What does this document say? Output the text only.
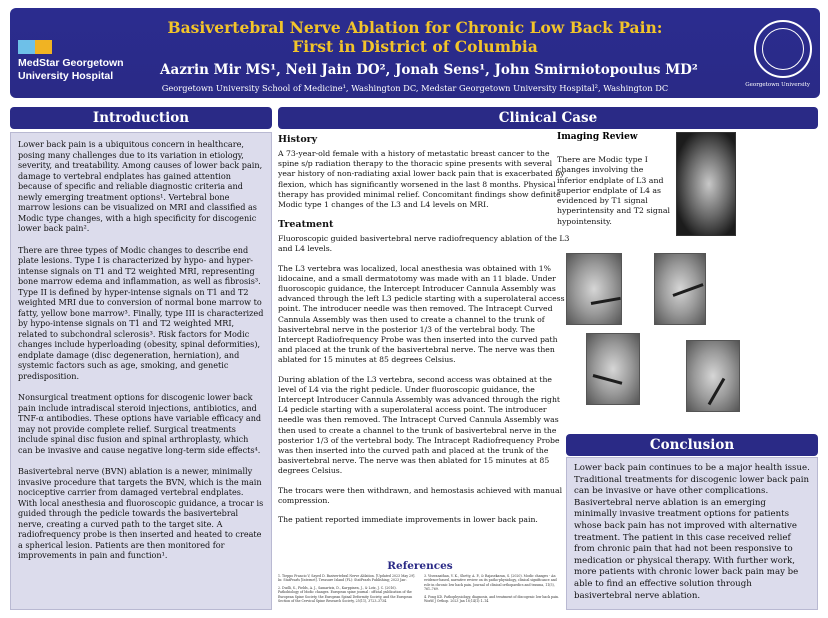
MedStar Georgetown
University Hospital
Basivertebral Nerve Ablation for Chronic Low Back Pain:
First in District of Columbia
Aazrin Mir MS¹, Neil Jain DO², Jonah Sens¹, John Smirniotopoulus MD²
Georgetown University School of Medicine¹, Washington DC, Medstar Georgetown University Hospital², Washington DC	Georgetown University
Introduction

Lower back pain is a ubiquitous concern in healthcare, posing many challenges due to its variation in etiology, severity, and treatability. Among causes of lower back pain, damage to vertebral endplates has gained attention because of specific and reliable diagnostic criteria and newly emerging treatment options¹. Vertebral bone marrow lesions can be visualized on MRI and classified as Modic type changes, with a high specificity for discogenic lower back pain².

There are three types of Modic changes to describe end plate lesions. Type I is characterized by hypo- and hyper-intense signals on T1 and T2 weighted MRI, representing bone marrow edema and inflammation, as well as fibrosis³. Type II is defined by hyper-intense signals on T1 and T2 weighted MRI due to conversion of normal bone marrow to fatty, yellow bone marrow³. Finally, type III is characterized by hypo-intense signals on T1 and T2 weighted MRI, related to subchondral sclerosis³. Risk factors for Modic changes include hyperloading (obesity, spinal deformities), endplate damage (disc degeneration, herniation), and systemic factors such as age, smoking, and genetic predisposition.

Nonsurgical treatment options for discogenic lower back pain include intradiscal steroid injections, antibiotics, and TNF-α antibodies. These options have variable efficacy and may not provide complete relief. Surgical treatments include spinal disc fusion and spinal arthroplasty, which can be invasive and cause negative long-term side effects⁴.

Basivertebral nerve (BVN) ablation is a newer, minimally invasive procedure that targets the BVN, which is the main nociceptive carrier from damaged vertebral endplates. With local anesthesia and fluoroscopic guidance, a trocar is guided through the pedicle towards the basivertebral nerve, creating a curved path to the target site. A radiofrequency probe is then inserted and heated to create a spherical lesion. Patients are then monitored for improvements in pain and function¹.

Clinical Case
History

A 73-year-old female with a history of metastatic breast cancer to the spine s/p radiation therapy to the thoracic spine presents with several year history of non-radiating axial lower back pain that is exacerbated by flexion, which has significantly worsened in the last 8 months. Physical therapy has provided minimal relief. Concomitant findings show definite Modic type 1 changes of the L3 and L4 levels on MRI.

Treatment

Fluoroscopic guided basivertebral nerve radiofrequency ablation of the L3 and L4 levels.

The L3 vertebra was localized, local anesthesia was obtained with 1% lidocaine, and a small dermatotomy was made with an 11 blade. Under fluoroscopic guidance, the Intercept Introducer Cannula Assembly was advanced through the left L3 pedicle starting with a superolateral access point. The introducer needle was then removed. The Intracept Curved Cannula Assembly was then used to create a channel to the trunk of basivertebral nerve in the posterior 1/3 of the vertebral body. The Intercept Radiofrequency Probe was then inserted into the curved path and placed at the trunk of the basivertebral nerve. The nerve was then ablated for 15 minutes at 85 degrees Celsius.

During ablation of the L3 vertebra, second access was obtained at the level of L4 via the right pedicle. Under fluoroscopic guidance, the Intercept Introducer Cannula Assembly was advanced through the right L4 pedicle starting with a superolateral access point. The introducer needle was then removed. The Intracept Curved Cannula Assembly was then used to create a channel to the trunk of basivertebral nerve in the posterior 1/3 of the vertebral body. The Intracept Radiofrequency Probe was then inserted into the curved path and placed at the trunk of the basivertebral nerve. The nerve was then ablated for 15 minutes at 85 degrees Celsius.

The trocars were then withdrawn, and hemostasis achieved with manual compression.

The patient reported immediate improvements in lower back pain.

Imaging Review
There are Modic type I changes involving the inferior endplate of L3 and superior endplate of L4 as evidenced by T1 signal hyperintensity and T2 signal hypointensity.
Conclusion

Lower back pain continues to be a major health issue. Traditional treatments for discogenic lower back pain can be invasive or have other complications. Basivertebral nerve ablation is an emerging minimally invasive treatment options for patients whose back pain has not improved with alternative treatment. The patient in this case received relief from chronic pain that had not been responsive to medication or physical therapy. With further work, more patients with chronic lower back pain may be able to find an effective solution through basivertebral nerve ablation.

References
1. Tieppo Francio V, Sayed D. Basivertebral Nerve Ablation. [Updated 2023 May 29]. In: StatPearls [Internet]. Treasure Island (FL): StatPearls Publishing; 2023 Jan-.
2. Dudli, S., Fields, A. J., Samartzis, D., Karppinen, J., & Lotz, J. C. (2016). Pathobiology of Modic changes. European spine journal : official publication of the European Spine Society, the European Spinal Deformity Society, and the European Section of the Cervical Spine Research Society, 25(11), 3723–3734.
3. Viswanathan, V. K., Shetty, A. P., & Rajasekaran, S. (2020). Modic changes - An evidence-based, narrative review on its patho-physiology, clinical significance and role in chronic low back pain. Journal of clinical orthopaedics and trauma, 11(5), 761–769.
4. Fong KD. Pathophysiology, diagnosis, and treatment of discogenic low back pain. World J Orthop. 2023 Jan 18;14(1):1–14.
